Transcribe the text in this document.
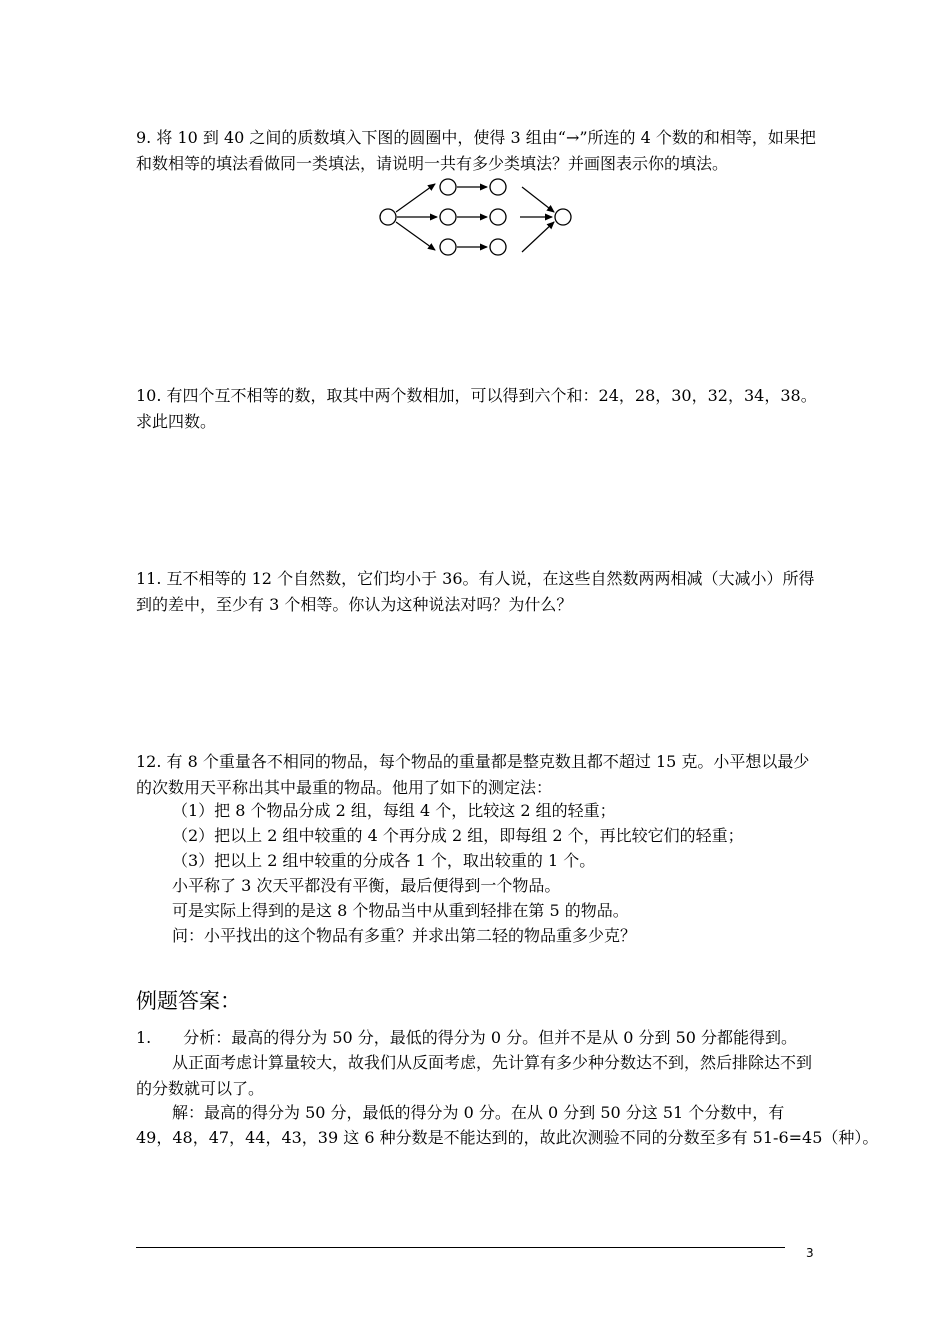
9. 将 10 到 40 之间的质数填入下图的圆圈中，使得 3 组由“→”所连的 4 个数的和相等，如果把和数相等的填法看做同一类填法，请说明一共有多少类填法？并画图表示你的填法。

10. 有四个互不相等的数，取其中两个数相加，可以得到六个和：24，28，30，32，34，38。求此四数。

11. 互不相等的 12 个自然数，它们均小于 36。有人说，在这些自然数两两相减（大减小）所得到的差中，至少有 3 个相等。你认为这种说法对吗？为什么？

12. 有 8 个重量各不相同的物品，每个物品的重量都是整克数且都不超过 15 克。小平想以最少的次数用天平称出其中最重的物品。他用了如下的测定法：

（1）把 8 个物品分成 2 组，每组 4 个，比较这 2 组的轻重；
（2）把以上 2 组中较重的 4 个再分成 2 组，即每组 2 个，再比较它们的轻重；
（3）把以上 2 组中较重的分成各 1 个，取出较重的 1 个。
小平称了 3 次天平都没有平衡，最后便得到一个物品。
可是实际上得到的是这 8 个物品当中从重到轻排在第 5 的物品。
问：小平找出的这个物品有多重？并求出第二轻的物品重多少克？
例题答案：
1.　　分析：最高的得分为 50 分，最低的得分为 0 分。但并不是从 0 分到 50 分都能得到。

从正面考虑计算量较大，故我们从反面考虑，先计算有多少种分数达不到，然后排除达不到的分数就可以了。

解：最高的得分为 50 分，最低的得分为 0 分。在从 0 分到 50 分这 51 个分数中，有
49，48，47，44，43，39 这 6 种分数是不能达到的，故此次测验不同的分数至多有 51-6=45（种）。
3
